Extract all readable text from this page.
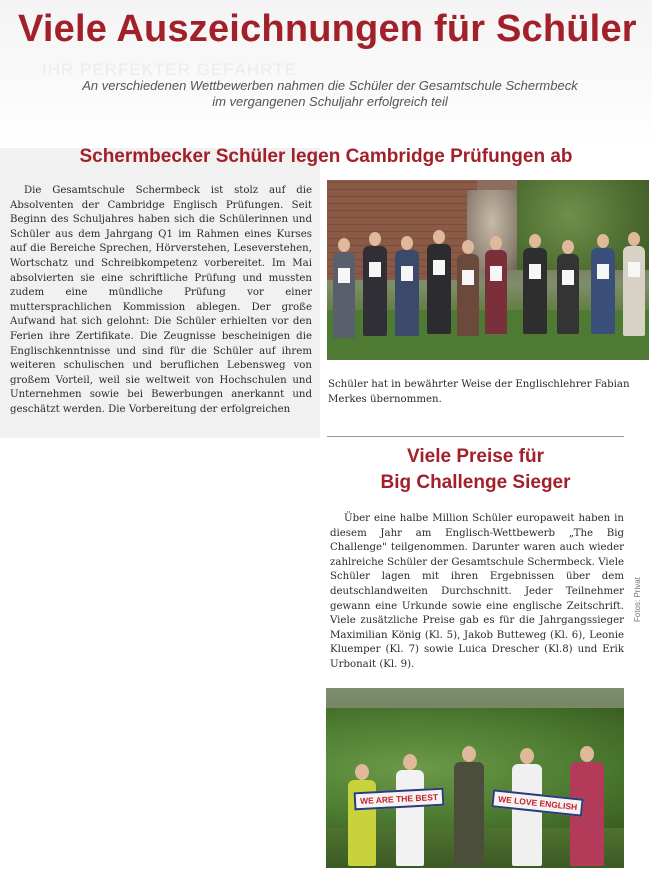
IHR PERFEKTER GEFÄHRTE
Viele Auszeichnungen für Schüler
An verschiedenen Wettbewerben nahmen die Schüler der Gesamtschule Schermbeck
im vergangenen Schuljahr erfolgreich teil
Schermbecker Schüler legen Cambridge Prüfungen ab
Die Gesamtschule Schermbeck ist stolz auf die Absolventen der Cambridge Englisch Prüfungen. Seit Beginn des Schuljahres haben sich die Schülerinnen und Schüler aus dem Jahrgang Q1 im Rahmen eines Kurses auf die Bereiche Sprechen, Hörverstehen, Leseverstehen, Wortschatz und Schreibkompetenz vorbereitet. Im Mai absolvierten sie eine schriftliche Prüfung und mussten zudem eine mündliche Prüfung vor einer muttersprachlichen Kommission ablegen. Der große Aufwand hat sich gelohnt: Die Schüler erhielten vor den Ferien ihre Zertifikate. Die Zeugnisse bescheinigen die Englischkenntnisse und sind für die Schüler auf ihrem weiteren schulischen und beruflichen Lebensweg von großem Vorteil, weil sie weltweit von Hochschulen und Unternehmen sowie bei Bewerbungen anerkannt und geschätzt werden. Die Vorbereitung der erfolgreichen
Schüler hat in bewährter Weise der Englischlehrer Fabian Merkes übernommen.
Viele Preise für
Big Challenge Sieger
Über eine halbe Million Schüler europaweit haben in diesem Jahr am Englisch-Wettbewerb „The Big Challenge" teilgenommen. Darunter waren auch wieder zahlreiche Schüler der Gesamtschule Schermbeck. Viele Schüler lagen mit ihren Ergebnissen über dem deutschlandweiten Durchschnitt. Jeder Teilnehmer gewann eine Urkunde sowie eine englische Zeitschrift. Viele zusätzliche Preise gab es für die Jahrgangssieger Maximilian König (Kl. 5), Jakob Butteweg (Kl. 6), Leonie Kluemper (Kl. 7) sowie Luica Drescher (Kl.8) und Erik Urbonait (Kl. 9).
Fotos: Privat
WE ARE THE BEST	WE LOVE ENGLISH
